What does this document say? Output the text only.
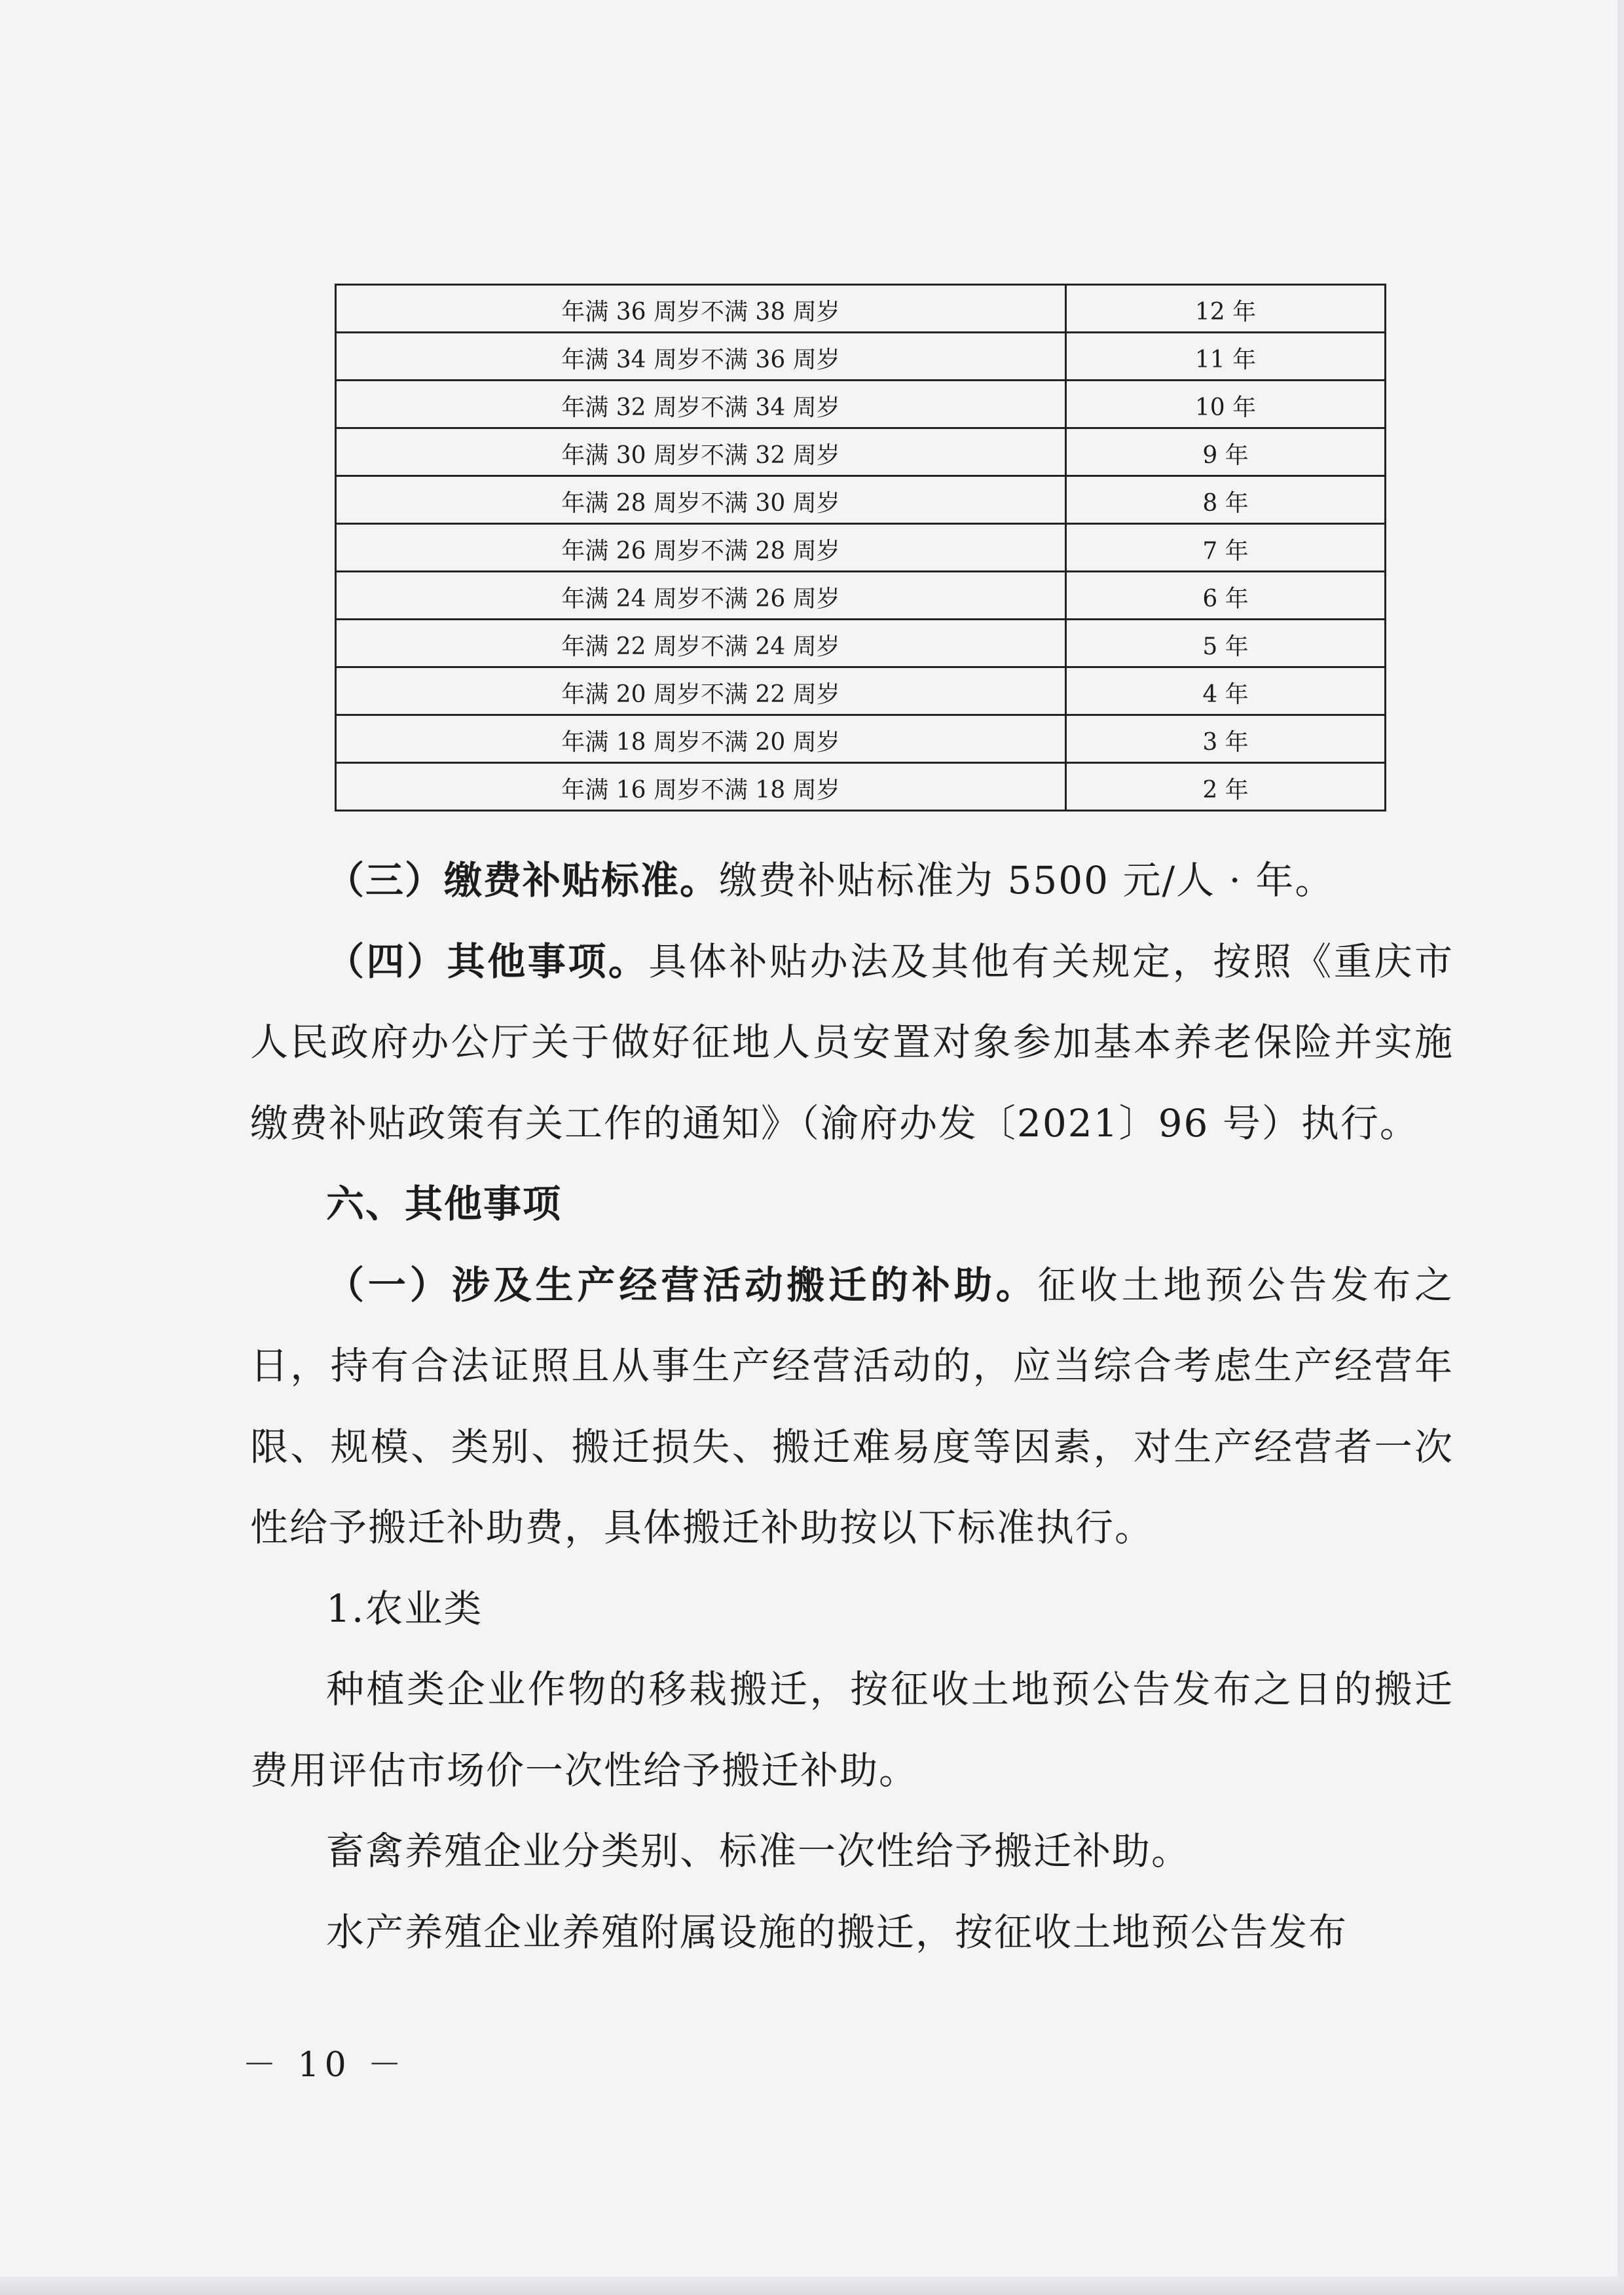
年满 36 周岁不满 38 周岁	12 年
年满 34 周岁不满 36 周岁	11 年
年满 32 周岁不满 34 周岁	10 年
年满 30 周岁不满 32 周岁	9 年
年满 28 周岁不满 30 周岁	8 年
年满 26 周岁不满 28 周岁	7 年
年满 24 周岁不满 26 周岁	6 年
年满 22 周岁不满 24 周岁	5 年
年满 20 周岁不满 22 周岁	4 年
年满 18 周岁不满 20 周岁	3 年
年满 16 周岁不满 18 周岁	2 年

（三）缴费补贴标准。缴费补贴标准为 5500 元/人 · 年。

（四）其他事项。具体补贴办法及其他有关规定，按照《重庆市人民政府办公厅关于做好征地人员安置对象参加基本养老保险并实施缴费补贴政策有关工作的通知》（渝府办发〔2021〕96 号）执行。

六、其他事项

（一）涉及生产经营活动搬迁的补助。征收土地预公告发布之日，持有合法证照且从事生产经营活动的，应当综合考虑生产经营年限、规模、类别、搬迁损失、搬迁难易度等因素，对生产经营者一次性给予搬迁补助费，具体搬迁补助按以下标准执行。

1.农业类

种植类企业作物的移栽搬迁，按征收土地预公告发布之日的搬迁费用评估市场价一次性给予搬迁补助。

畜禽养殖企业分类别、标准一次性给予搬迁补助。

水产养殖企业养殖附属设施的搬迁，按征收土地预公告发布

－ 10 －
